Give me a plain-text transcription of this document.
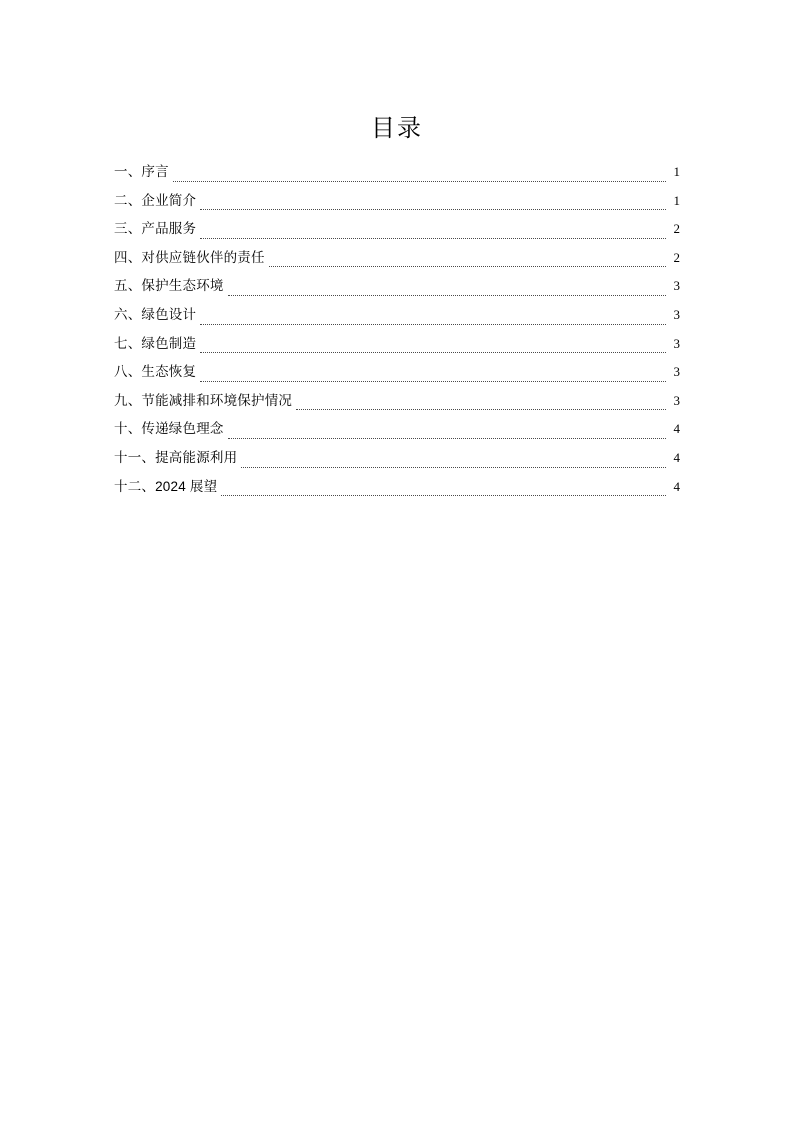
目录
一、序言	1
二、企业简介	1
三、产品服务	2
四、对供应链伙伴的责任	2
五、保护生态环境	3
六、绿色设计	3
七、绿色制造	3
八、生态恢复	3
九、节能减排和环境保护情况	3
十、传递绿色理念	4
十一、提高能源利用	4
十二、2024 展望	4
